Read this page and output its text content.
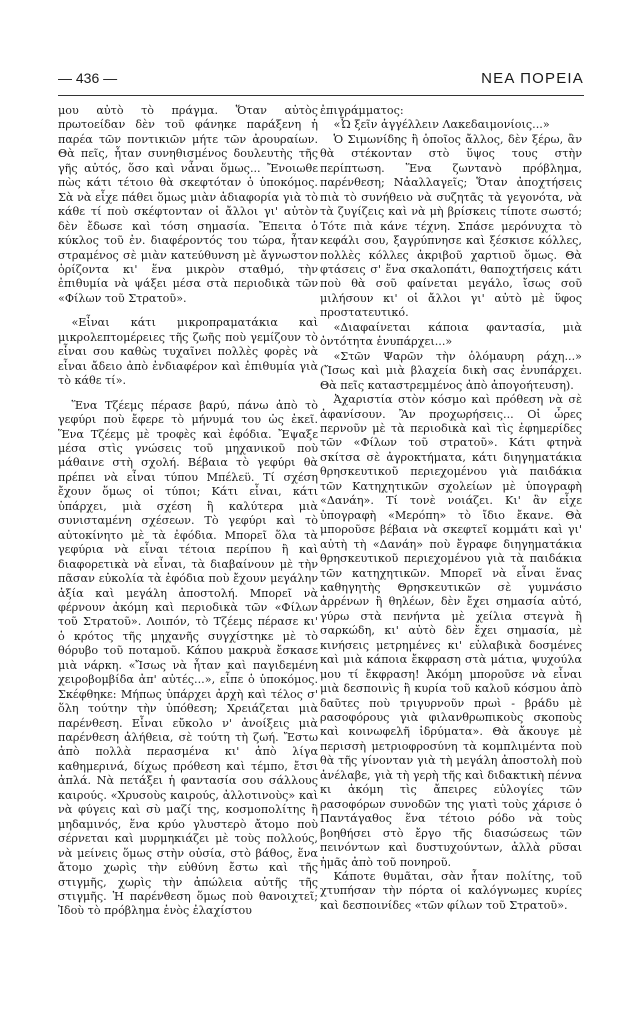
— 436 —	ΝΕΑ ΠΟΡΕΙΑ

μου αὐτὸ τὸ πράγμα. Ὅταν αὐτὸς πρωτοείδαν δὲν τοῦ φάνηκε παράξενη ἡ παρέα τῶν ποντικιῶν μήτε τῶν ἀρουραίων. Θὰ πεῖς, ἦταν συνηθισμένος δουλευτὴς τῆς γῆς αὐτός, ὅσο καὶ νἆναι ὅμως... Ἔνοιωθε πὼς κάτι τέτοιο θὰ σκεφτόταν ὁ ὑποκόμος. Σὰ νὰ εἶχε πάθει ὅμως μιὰν ἀδιαφορία γιὰ τὸ κάθε τί ποὺ σκέφτονταν οἱ ἄλλοι γι' αὐτὸν δὲν ἔδωσε καὶ τόση σημασία. Ἔπειτα ὁ κύκλος τοῦ ἐν. διαφέροντός του τώρα, ἦταν στραμένος σὲ μιὰν κατεύθυνση μὲ ἄγνωστον ὁρίζοντα κι' ἕνα μικρὸν σταθμό, τὴν ἐπιθυμία νὰ ψάξει μέσα στὰ περιοδικὰ τῶν «Φίλων τοῦ Στρατοῦ».

«Εἶναι κάτι μικροπραματάκια καὶ μικρολεπτομέρειες τῆς ζωῆς ποὺ γεμίζουν τὸ εἶναι σου καθὼς τυχαῖνει πολλὲς φορὲς νὰ εἶναι ἄδειο ἀπὸ ἐνδιαφέρον καὶ ἐπιθυμία γιὰ τὸ κάθε τί».

Ἕνα Τζέεμς πέρασε βαρύ, πάνω ἀπὸ τὸ γεφύρι ποὺ ἔφερε τὸ μήνυμά του ὡς ἐκεῖ. Ἕνα Τζέεμς μὲ τροφὲς καὶ ἐφόδια. Ἔψαξε μέσα στὶς γνώσεις τοῦ μηχανικοῦ ποὺ μάθαινε στὴ σχολή. Βέβαια τὸ γεφύρι θὰ πρέπει νὰ εἶναι τύπου Μπέλεϋ. Τί σχέση ἔχουν ὅμως οἱ τύποι; Κάτι εἶναι, κάτι ὑπάρχει, μιὰ σχέση ἢ καλύτερα μιὰ συνισταμένη σχέσεων. Τὸ γεφύρι καὶ τὸ αὐτοκίνητο μὲ τὰ ἐφόδια. Μπορεῖ ὅλα τὰ γεφύρια νὰ εἶναι τέτοια περίπου ἢ καὶ διαφορετικὰ νὰ εἶναι, τὰ διαβαίνουν μὲ τὴν πᾶσαν εὐκολία τὰ ἐφόδια ποὺ ἔχουν μεγάλην ἀξία καὶ μεγάλη ἀποστολή. Μπορεῖ νὰ φέρνουν ἀκόμη καὶ περιοδικὰ τῶν «Φίλων τοῦ Στρατοῦ». Λοιπόν, τὸ Τζέεμς πέρασε κι' ὁ κρότος τῆς μηχανῆς συγχίστηκε μὲ τὸ θόρυβο τοῦ ποταμοῦ. Κάπου μακρυὰ ἔσκασε μιὰ νάρκη. «Ἴσως νὰ ἦταν καὶ παγιδεμένη χειροβομβίδα ἀπ' αὐτές...», εἶπε ὁ ὑποκόμος. Σκέφθηκε: Μήπως ὑπάρχει ἀρχὴ καὶ τέλος σ' ὅλη τούτην τὴν ὑπόθεση; Χρειάζεται μιὰ παρένθεση. Εἶναι εὔκολο ν' ἀνοίξεις μιὰ παρένθεση ἀλήθεια, σὲ τούτη τὴ ζωή. Ἔστω ἀπὸ πολλὰ περασμένα κι' ἀπὸ λίγα καθημερινά, δίχως πρόθεση καὶ τέμπο, ἔτσι ἁπλά. Νὰ πετάξει ἡ φαντασία σου σάλλους καιρούς. «Χρυσοὺς καιρούς, ἀλλοτινοὺς» καὶ νὰ φύγεις καὶ σὺ μαζί της, κοσμοπολίτης ἢ μηδαμινός, ἕνα κρύο γλυστερὸ ἄτομο ποὺ σέρνεται καὶ μυρμηκιάζει μὲ τοὺς πολλούς, νὰ μείνεις ὅμως στὴν οὐσία, στὸ βάθος, ἕνα ἄτομο χωρὶς τὴν εὐθύνη ἔστω καὶ τῆς στιγμῆς, χωρὶς τὴν ἀπώλεια αὐτῆς τῆς στιγμῆς. Ἡ παρένθεση ὅμως ποὺ θανοιχτεῖ; Ἰδοὺ τὸ πρόβλημα ἑνὸς ἐλαχίστου

ἐπιγράμματος:

«Ὦ ξεῖν ἀγγέλλειν Λακεδαιμονίοις...»

Ὁ Σιμωνίδης ἢ ὁποῖος ἄλλος, δὲν ξέρω, ἂν θὰ στέκονταν στὸ ὕψος τους στὴν περίπτωση. Ἕνα ζωντανὸ πρόβλημα, παρένθεση; Νἀαλλαγεῖς; Ὅταν ἀποχτήσεις πιὰ τὸ συνήθειο νὰ συζητᾶς τὰ γεγονότα, νὰ τὰ ζυγίζεις καὶ νὰ μὴ βρίσκεις τίποτε σωστό; Τότε πιὰ κάνε τέχνη. Σπάσε μερόνυχτα τὸ κεφάλι σου, ξαγρύπνησε καὶ ξέσκισε κόλλες, πολλὲς κόλλες ἀκριβοῦ χαρτιοῦ ὅμως. Θὰ φτάσεις σ' ἕνα σκαλοπάτι, θαποχτήσεις κάτι ποὺ θὰ σοῦ φαίνεται μεγάλο, ἴσως σοῦ μιλήσουν κι' οἱ ἄλλοι γι' αὐτὸ μὲ ὕφος προστατευτικό.

«Διαφαίνεται κάποια φαντασία, μιὰ ὀντότητα ἐνυπάρχει...»

«Στῶν Ψαρῶν τὴν ὁλόμαυρη ράχη...» (Ἴσως καὶ μιὰ βλαχεία δικὴ σας ἐνυπάρχει. Θὰ πεῖς καταστρεμμένος ἀπὸ ἀπογοήτευση).

Ἀχαριστία στὸν κόσμο καὶ πρόθεση νὰ σὲ ἀφανίσουν. Ἂν προχωρήσεις... Οἱ ὧρες περνοῦν μὲ τὰ περιοδικὰ καὶ τὶς ἐφημερίδες τῶν «Φίλων τοῦ στρατοῦ». Κάτι φτηνὰ σκίτσα σὲ ἀγροκτήματα, κάτι διηγηματάκια θρησκευτικοῦ περιεχομένου γιὰ παιδάκια τῶν Κατηχητικῶν σχολείων μὲ ὑπογραφὴ «Δανάη». Τί τονὲ νοιάζει. Κι' ἂν εἶχε ὑπογραφὴ «Μερόπη» τὸ ἴδιο ἔκανε. Θὰ μποροῦσε βέβαια νὰ σκεφτεῖ κομμάτι καὶ γι' αὐτὴ τὴ «Δανάη» ποὺ ἔγραφε διηγηματάκια θρησκευτικοῦ περιεχομένου γιὰ τὰ παιδάκια τῶν κατηχητικῶν. Μπορεῖ νὰ εἶναι ἕνας καθηγητὴς Θρησκευτικῶν σὲ γυμνάσιο ἀρρένων ἢ θηλέων, δὲν ἔχει σημασία αὐτό, γύρω στὰ πενήντα μὲ χείλια στεγνὰ ἢ σαρκώδη, κι' αὐτὸ δὲν ἔχει σημασία, μὲ κινήσεις μετρημένες κι' εὐλαβικὰ δοσμένες καὶ μιὰ κάποια ἔκφραση στὰ μάτια, ψυχούλα μου τί ἔκφραση! Ἀκόμη μποροῦσε νὰ εἶναι μιὰ δεσποινὶς ἢ κυρία τοῦ καλοῦ κόσμου ἀπὸ δαῦτες ποὺ τριγυρνοῦν πρωὶ - βράδυ μὲ ρασοφόρους γιὰ φιλανθρωπικοὺς σκοποὺς καὶ κοινωφελῆ ἱδρύματα». Θὰ ἄκουγε μὲ περισσὴ μετριοφροσύνη τὰ κομπλιμέντα ποὺ θὰ τῆς γίνονταν γιὰ τὴ μεγάλη ἀποστολὴ ποὺ ἀνέλαβε, γιὰ τὴ γερὴ τῆς καὶ διδακτικὴ πέννα κι ἀκόμη τὶς ἄπειρες εὐλογίες τῶν ρασοφόρων συνοδῶν της γιατὶ τοὺς χάρισε ὁ Παντάγαθος ἕνα τέτοιο ρόδο νὰ τοὺς βοηθήσει στὸ ἔργο τῆς διασώσεως τῶν πεινόντων καὶ δυστυχούντων, ἀλλὰ ρῦσαι ἡμᾶς ἀπὸ τοῦ πονηροῦ.

Κάποτε θυμᾶται, σὰν ἦταν πολίτης, τοῦ χτυπήσαν τὴν πόρτα οἱ καλόγνωμες κυρίες καὶ δεσποινίδες «τῶν φίλων τοῦ Στρατοῦ».
